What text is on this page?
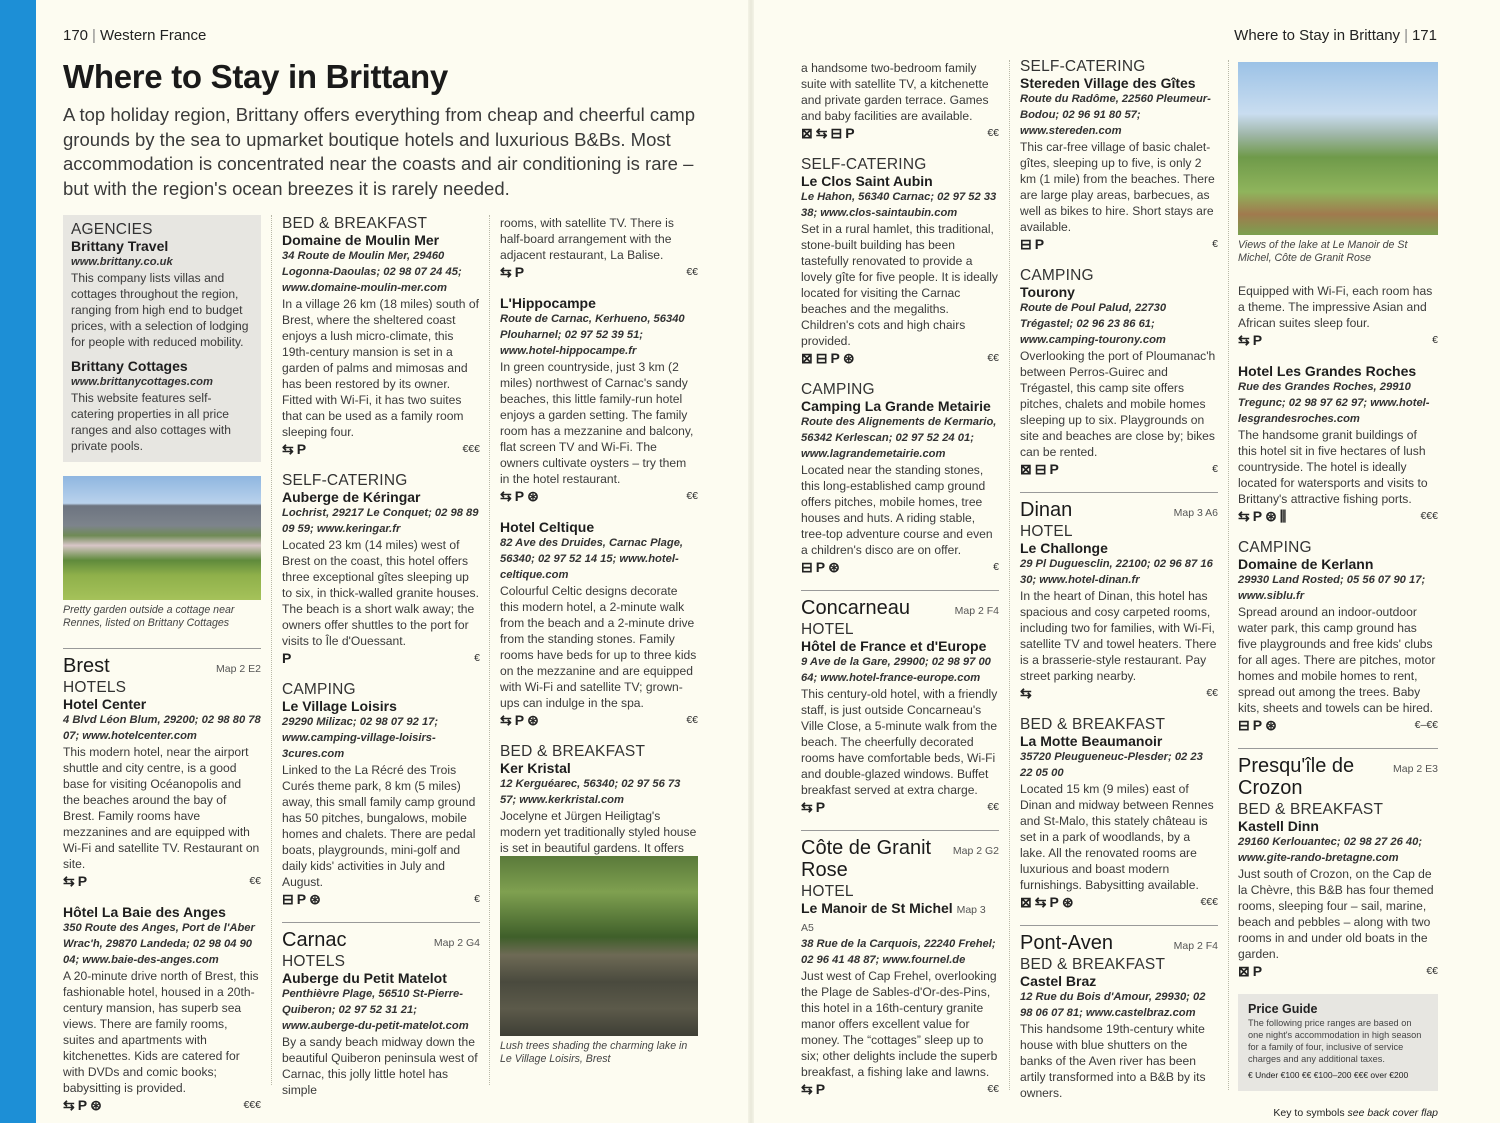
170 | Western France	Where to Stay in Brittany | 171
Where to Stay in Brittany

A top holiday region, Brittany offers everything from cheap and cheerful camp grounds by the sea to upmarket boutique hotels and luxurious B&Bs. Most accommodation is concentrated near the coasts and air conditioning is rare – but with the region's ocean breezes it is rarely needed.

AGENCIES
Brittany Travel
www.brittany.co.uk
This company lists villas and cottages throughout the region, ranging from high end to budget prices, with a selection of lodging for people with reduced mobility.
Brittany Cottages
www.brittanycottages.com
This website features self-catering properties in all price ranges and also cottages with private pools.
Pretty garden outside a cottage near Rennes, listed on Brittany Cottages
Brest	Map 2 E2
HOTELS
Hotel Center
4 Blvd Léon Blum, 29200; 02 98 80 78 07; www.hotelcenter.com
This modern hotel, near the airport shuttle and city centre, is a good base for visiting Océanopolis and the beaches around the bay of Brest. Family rooms have mezzanines and are equipped with Wi-Fi and satellite TV. Restaurant on site.
⇆P	€€
Hôtel La Baie des Anges
350 Route des Anges, Port de l'Aber Wrac'h, 29870 Landeda; 02 98 04 90 04; www.baie-des-anges.com
A 20-minute drive north of Brest, this fashionable hotel, housed in a 20th-century mansion, has superb sea views. There are family rooms, suites and apartments with kitchenettes. Kids are catered for with DVDs and comic books; babysitting is provided.
⇆P⊛	€€€
BED & BREAKFAST
Domaine de Moulin Mer
34 Route de Moulin Mer, 29460 Logonna-Daoulas; 02 98 07 24 45; www.domaine-moulin-mer.com
In a village 26 km (18 miles) south of Brest, where the sheltered coast enjoys a lush micro-climate, this 19th-century mansion is set in a garden of palms and mimosas and has been restored by its owner. Fitted with Wi-Fi, it has two suites that can be used as a family room sleeping four.
⇆P	€€€
SELF-CATERING
Auberge de Kéringar
Lochrist, 29217 Le Conquet; 02 98 89 09 59; www.keringar.fr
Located 23 km (14 miles) west of Brest on the coast, this hotel offers three exceptional gîtes sleeping up to six, in thick-walled granite houses. The beach is a short walk away; the owners offer shuttles to the port for visits to Île d'Ouessant.
P	€
CAMPING
Le Village Loisirs
29290 Milizac; 02 98 07 92 17; www.camping-village-loisirs-3cures.com
Linked to the La Récré des Trois Curés theme park, 8 km (5 miles) away, this small family camp ground has 50 pitches, bungalows, mobile homes and chalets. There are pedal boats, playgrounds, mini-golf and daily kids' activities in July and August.
⊟P⊛	€
Carnac	Map 2 G4
HOTELS
Auberge du Petit Matelot
Penthièvre Plage, 56510 St-Pierre-Quiberon; 02 97 52 31 21; www.auberge-du-petit-matelot.com
By a sandy beach midway down the beautiful Quiberon peninsula west of Carnac, this jolly little hotel has simple
rooms, with satellite TV. There is half-board arrangement with the adjacent restaurant, La Balise.
⇆P	€€
L'Hippocampe
Route de Carnac, Kerhueno, 56340 Plouharnel; 02 97 52 39 51; www.hotel-hippocampe.fr
In green countryside, just 3 km (2 miles) northwest of Carnac's sandy beaches, this little family-run hotel enjoys a garden setting. The family room has a mezzanine and balcony, flat screen TV and Wi-Fi. The owners cultivate oysters – try them in the hotel restaurant.
⇆P⊛	€€
Hotel Celtique
82 Ave des Druides, Carnac Plage, 56340; 02 97 52 14 15; www.hotel-celtique.com
Colourful Celtic designs decorate this modern hotel, a 2-minute walk from the beach and a 2-minute drive from the standing stones. Family rooms have beds for up to three kids on the mezzanine and are equipped with Wi-Fi and satellite TV; grown-ups can indulge in the spa.
⇆P⊛	€€
BED & BREAKFAST
Ker Kristal
12 Kerguéarec, 56340; 02 97 56 73 57; www.kerkristal.com
Jocelyne et Jürgen Heiligtag's modern yet traditionally styled house is set in beautiful gardens. It offers
Lush trees shading the charming lake in Le Village Loisirs, Brest
a handsome two-bedroom family suite with satellite TV, a kitchenette and private garden terrace. Games and baby facilities are available.
⊠⇆⊟P	€€
SELF-CATERING
Le Clos Saint Aubin
Le Hahon, 56340 Carnac; 02 97 52 33 38; www.clos-saintaubin.com
Set in a rural hamlet, this traditional, stone-built building has been tastefully renovated to provide a lovely gîte for five people. It is ideally located for visiting the Carnac beaches and the megaliths. Children's cots and high chairs provided.
⊠⊟P⊛	€€
CAMPING
Camping La Grande Metairie
Route des Alignements de Kermario, 56342 Kerlescan; 02 97 52 24 01; www.lagrandemetairie.com
Located near the standing stones, this long-established camp ground offers pitches, mobile homes, tree houses and huts. A riding stable, tree-top adventure course and even a children's disco are on offer.
⊟P⊛	€
Concarneau	Map 2 F4
HOTEL
Hôtel de France et d'Europe
9 Ave de la Gare, 29900; 02 98 97 00 64; www.hotel-france-europe.com
This century-old hotel, with a friendly staff, is just outside Concarneau's Ville Close, a 5-minute walk from the beach. The cheerfully decorated rooms have comfortable beds, Wi-Fi and double-glazed windows. Buffet breakfast served at extra charge.
⇆P	€€
Côte de Granit Rose
Map 2 G2
HOTEL
Le Manoir de St Michel Map 3 A5
38 Rue de la Carquois, 22240 Frehel; 02 96 41 48 87; www.fournel.de
Just west of Cap Frehel, overlooking the Plage de Sables-d'Or-des-Pins, this hotel in a 16th-century granite manor offers excellent value for money. The “cottages” sleep up to six; other delights include the superb breakfast, a fishing lake and lawns.
⇆P	€€
SELF-CATERING
Stereden Village des Gîtes
Route du Radôme, 22560 Pleumeur-Bodou; 02 96 91 80 57; www.stereden.com
This car-free village of basic chalet-gîtes, sleeping up to five, is only 2 km (1 mile) from the beaches. There are large play areas, barbecues, as well as bikes to hire. Short stays are available.
⊟P	€
CAMPING
Tourony
Route de Poul Palud, 22730 Trégastel; 02 96 23 86 61; www.camping-tourony.com
Overlooking the port of Ploumanac'h between Perros-Guirec and Trégastel, this camp site offers pitches, chalets and mobile homes sleeping up to six. Playgrounds on site and beaches are close by; bikes can be rented.
⊠⊟P	€
Dinan	Map 3 A6
HOTEL
Le Challonge
29 Pl Duguesclin, 22100; 02 96 87 16 30; www.hotel-dinan.fr
In the heart of Dinan, this hotel has spacious and cosy carpeted rooms, including two for families, with Wi-Fi, satellite TV and towel heaters. There is a brasserie-style restaurant. Pay street parking nearby.
⇆	€€
BED & BREAKFAST
La Motte Beaumanoir
35720 Pleugueneuc-Plesder; 02 23 22 05 00
Located 15 km (9 miles) east of Dinan and midway between Rennes and St-Malo, this stately château is set in a park of woodlands, by a lake. All the renovated rooms are luxurious and boast modern furnishings. Babysitting available.
⊠⇆P⊛	€€€
Pont-Aven	Map 2 F4
BED & BREAKFAST
Castel Braz
12 Rue du Bois d'Amour, 29930; 02 98 06 07 81; www.castelbraz.com
This handsome 19th-century white house with blue shutters on the banks of the Aven river has been artily transformed into a B&B by its owners.
Views of the lake at Le Manoir de St Michel, Côte de Granit Rose
Equipped with Wi-Fi, each room has a theme. The impressive Asian and African suites sleep four.
⇆P	€
Hotel Les Grandes Roches
Rue des Grandes Roches, 29910 Tregunc; 02 98 97 62 97; www.hotel-lesgrandesroches.com
The handsome granit buildings of this hotel sit in five hectares of lush countryside. The hotel is ideally located for watersports and visits to Brittany's attractive fishing ports.
⇆P⊛⫼	€€€
CAMPING
Domaine de Kerlann
29930 Land Rosted; 05 56 07 90 17; www.siblu.fr
Spread around an indoor-outdoor water park, this camp ground has five playgrounds and free kids' clubs for all ages. There are pitches, motor homes and mobile homes to rent, spread out among the trees. Baby kits, sheets and towels can be hired.
⊟P⊛	€–€€
Presqu'île de Crozon
Map 2 E3
BED & BREAKFAST
Kastell Dinn
29160 Kerlouantec; 02 98 27 26 40; www.gite-rando-bretagne.com
Just south of Crozon, on the Cap de la Chèvre, this B&B has four themed rooms, sleeping four – sail, marine, beach and pebbles – along with two rooms in and under old boats in the garden.
⊠P	€€
Price Guide
The following price ranges are based on one night's accommodation in high season for a family of four, inclusive of service charges and any additional taxes.
€ Under €100 €€ €100–200 €€€ over €200
Key to symbols see back cover flap
